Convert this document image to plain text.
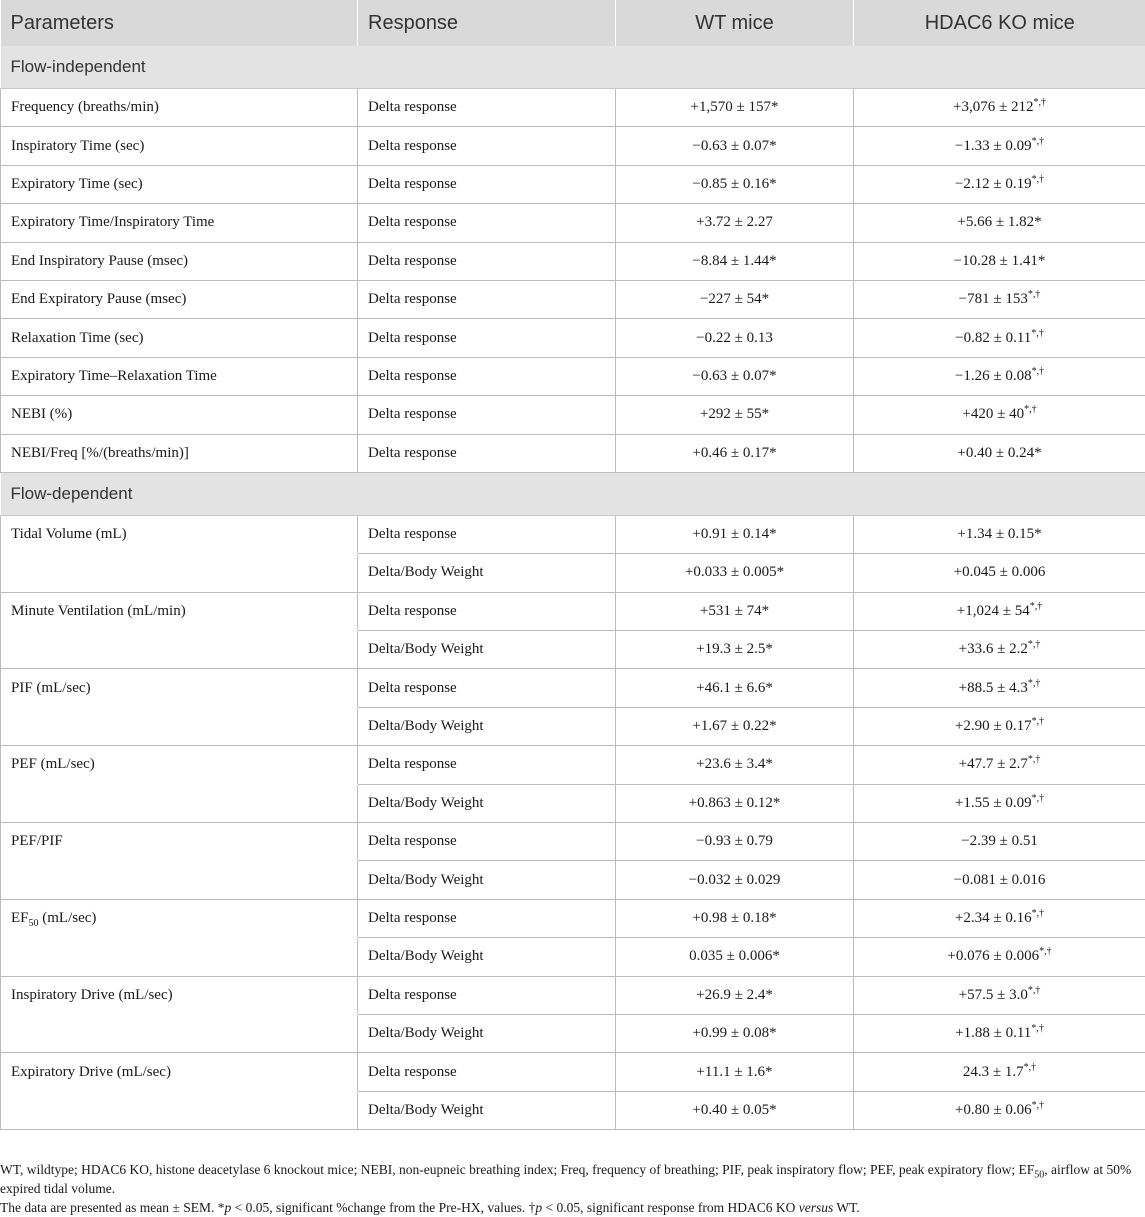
Parameters	Response	WT mice	HDAC6 KO mice
Flow-independent			
Frequency (breaths/min)	Delta response	+1,570 ± 157*	+3,076 ± 212*,†
Inspiratory Time (sec)	Delta response	−0.63 ± 0.07*	−1.33 ± 0.09*,†
Expiratory Time (sec)	Delta response	−0.85 ± 0.16*	−2.12 ± 0.19*,†
Expiratory Time/Inspiratory Time	Delta response	+3.72 ± 2.27	+5.66 ± 1.82*
End Inspiratory Pause (msec)	Delta response	−8.84 ± 1.44*	−10.28 ± 1.41*
End Expiratory Pause (msec)	Delta response	−227 ± 54*	−781 ± 153*,†
Relaxation Time (sec)	Delta response	−0.22 ± 0.13	−0.82 ± 0.11*,†
Expiratory Time–Relaxation Time	Delta response	−0.63 ± 0.07*	−1.26 ± 0.08*,†
NEBI (%)	Delta response	+292 ± 55*	+420 ± 40*,†
NEBI/Freq [%/(breaths/min)]	Delta response	+0.46 ± 0.17*	+0.40 ± 0.24*
Flow-dependent			
Tidal Volume (mL)	Delta response	+0.91 ± 0.14*	+1.34 ± 0.15*
	Delta/Body Weight	+0.033 ± 0.005*	+0.045 ± 0.006
Minute Ventilation (mL/min)	Delta response	+531 ± 74*	+1,024 ± 54*,†
	Delta/Body Weight	+19.3 ± 2.5*	+33.6 ± 2.2*,†
PIF (mL/sec)	Delta response	+46.1 ± 6.6*	+88.5 ± 4.3*,†
	Delta/Body Weight	+1.67 ± 0.22*	+2.90 ± 0.17*,†
PEF (mL/sec)	Delta response	+23.6 ± 3.4*	+47.7 ± 2.7*,†
	Delta/Body Weight	+0.863 ± 0.12*	+1.55 ± 0.09*,†
PEF/PIF	Delta response	−0.93 ± 0.79	−2.39 ± 0.51
	Delta/Body Weight	−0.032 ± 0.029	−0.081 ± 0.016
$EF_{50}$ (mL/sec)	Delta response	+0.98 ± 0.18*	+2.34 ± 0.16*,†
	Delta/Body Weight	0.035 ± 0.006*	+0.076 ± 0.006*,†
Inspiratory Drive (mL/sec)	Delta response	+26.9 ± 2.4*	+57.5 ± 3.0*,†
	Delta/Body Weight	+0.99 ± 0.08*	+1.88 ± 0.11*,†
Expiratory Drive (mL/sec)	Delta response	+11.1 ± 1.6*	24.3 ± 1.7*,†
	Delta/Body Weight	+0.40 ± 0.05*	+0.80 ± 0.06*,†

WT, wildtype; HDAC6 KO, histone deacetylase 6 knockout mice; NEBI, non-eupneic breathing index; Freq, frequency of breathing; PIF, peak inspiratory flow; PEF, peak expiratory flow; $EF_{50}$, airflow at 50% expired tidal volume.

The data are presented as mean ± SEM. *p < 0.05, significant %change from the Pre-HX, values. †p < 0.05, significant response from HDAC6 KO versus WT.
